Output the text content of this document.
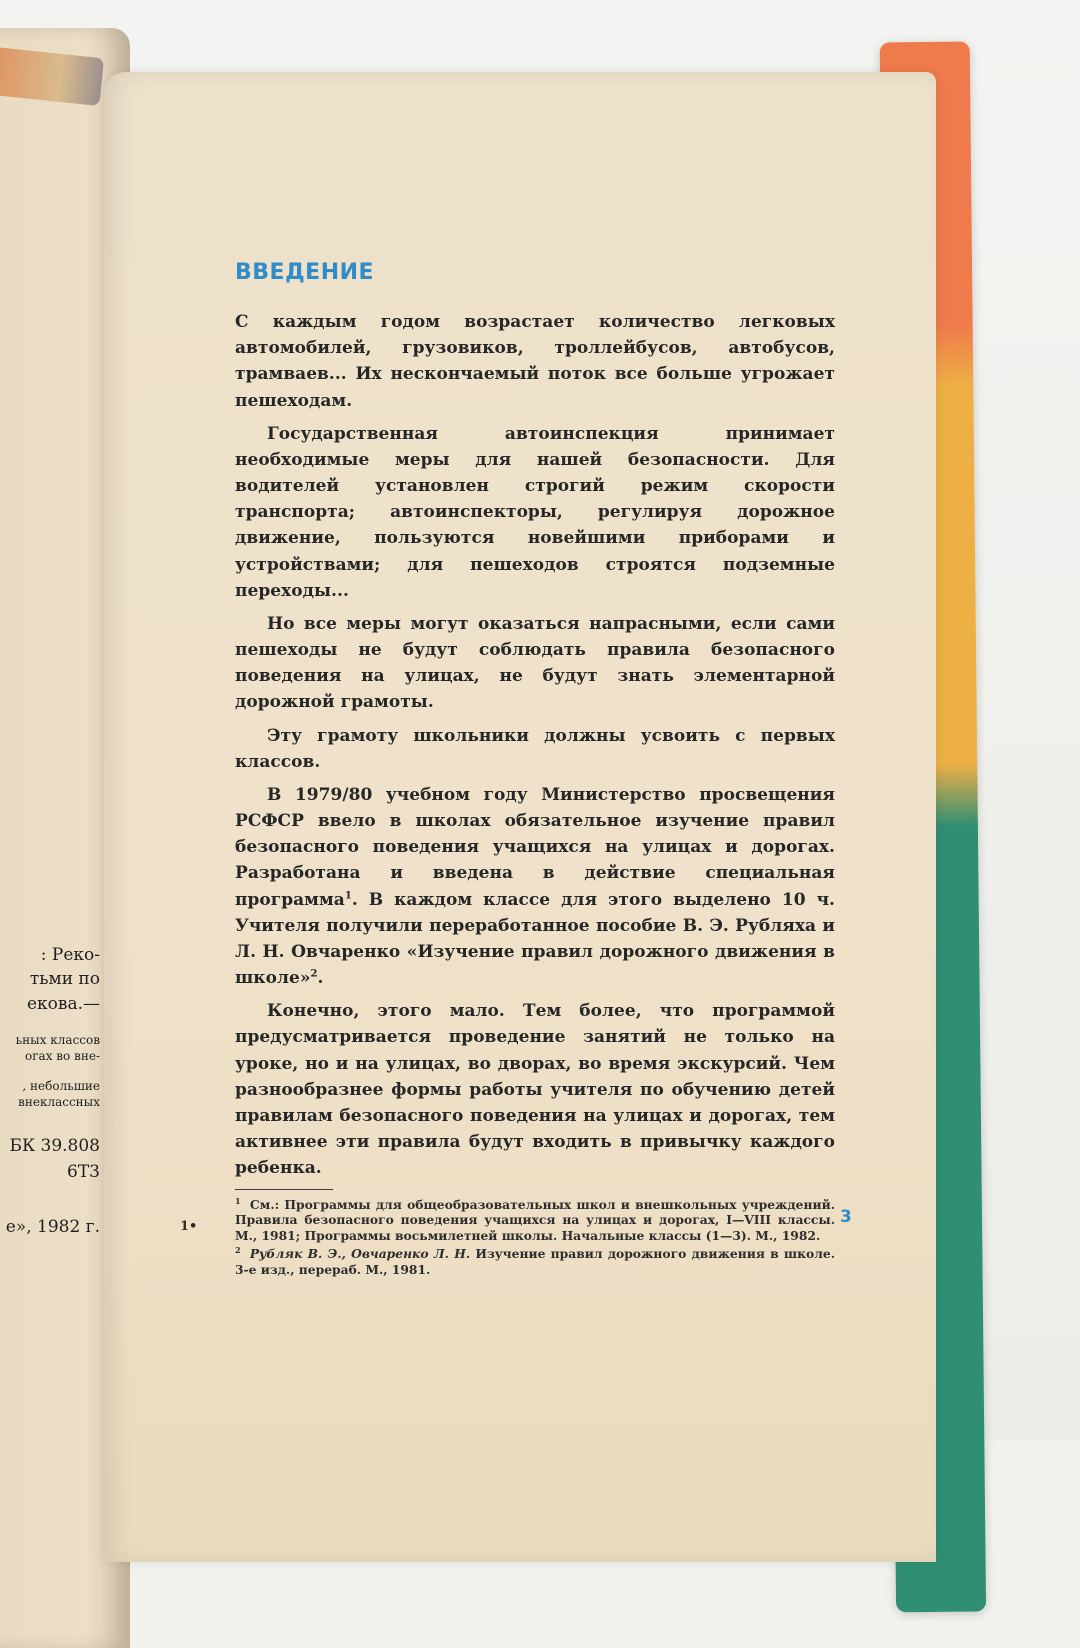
: Реко-
тьми по
екова.—
ьных классов
огах во вне-
, небольшие
внеклассных
БК 39.808
6Т3
е», 1982 г.
ВВЕДЕНИЕ

С каждым годом возрастает количество легковых автомобилей, грузовиков, троллейбусов, автобусов, трамваев... Их нескончаемый поток все больше угрожает пешеходам.

Государственная автоинспекция принимает необходимые меры для нашей безопасности. Для водителей установлен строгий режим скорости транспорта; автоинспекторы, регулируя дорожное движение, пользуются новейшими приборами и устройствами; для пешеходов строятся подземные переходы...

Но все меры могут оказаться напрасными, если сами пешеходы не будут соблюдать правила безопасного поведения на улицах, не будут знать элементарной дорожной грамоты.

Эту грамоту школьники должны усвоить с первых классов.

В 1979/80 учебном году Министерство просвещения РСФСР ввело в школах обязательное изучение правил безопасного поведения учащихся на улицах и дорогах. Разработана и введена в действие специальная программа$^1$. В каждом классе для этого выделено 10 ч. Учителя получили переработанное пособие В. Э. Рубляха и Л. Н. Овчаренко «Изучение правил дорожного движения в школе»$^2$.

Конечно, этого мало. Тем более, что программой предусматривается проведение занятий не только на уроке, но и на улицах, во дворах, во время экскурсий. Чем разнообразнее формы работы учителя по обучению детей правилам безопасного поведения на улицах и дорогах, тем активнее эти правила будут входить в привычку каждого ребенка.

$^1$ См.: Программы для общеобразовательных школ и внешкольных учреждений. Правила безопасного поведения учащихся на улицах и дорогах, I—VIII классы. М., 1981; Программы восьмилетней школы. Начальные классы (1—3). М., 1982.
$^2$ Рубляк В. Э., Овчаренко Л. Н. Изучение правил дорожного движения в школе. 3-е изд., перераб. М., 1981.
1•	3
